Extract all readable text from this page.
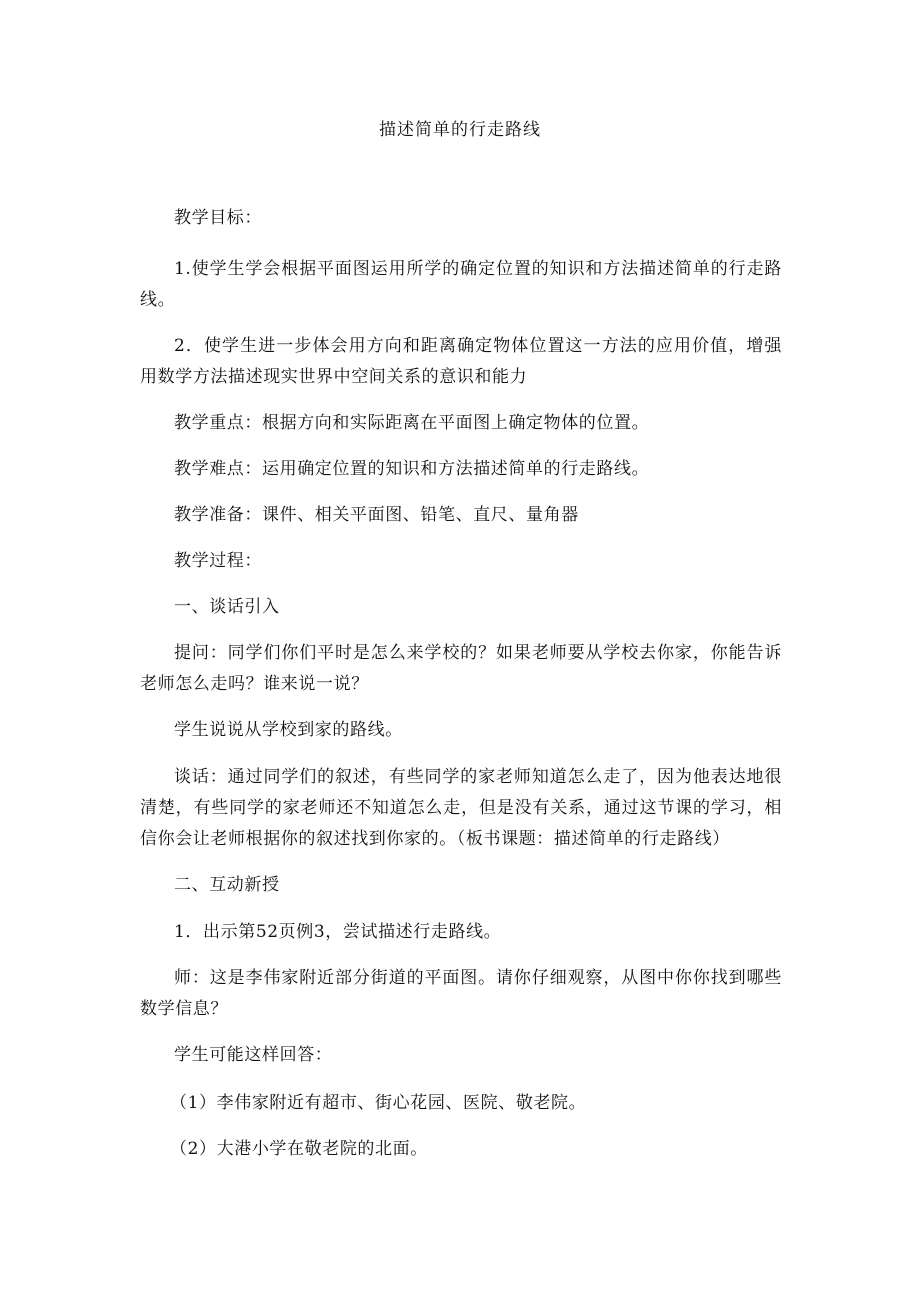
描述简单的行走路线

教学目标：

1.使学生学会根据平面图运用所学的确定位置的知识和方法描述简单的行走路线。

2．使学生进一步体会用方向和距离确定物体位置这一方法的应用价值，增强用数学方法描述现实世界中空间关系的意识和能力

教学重点：根据方向和实际距离在平面图上确定物体的位置。

教学难点：运用确定位置的知识和方法描述简单的行走路线。

教学准备：课件、相关平面图、铅笔、直尺、量角器

教学过程：

一、谈话引入

提问：同学们你们平时是怎么来学校的？如果老师要从学校去你家，你能告诉老师怎么走吗？谁来说一说？

学生说说从学校到家的路线。

谈话：通过同学们的叙述，有些同学的家老师知道怎么走了，因为他表达地很清楚，有些同学的家老师还不知道怎么走，但是没有关系，通过这节课的学习，相信你会让老师根据你的叙述找到你家的。（板书课题：描述简单的行走路线）

二、互动新授

1．出示第52页例3，尝试描述行走路线。

师：这是李伟家附近部分街道的平面图。请你仔细观察，从图中你你找到哪些数学信息？

学生可能这样回答：

（1）李伟家附近有超市、街心花园、医院、敬老院。

（2）大港小学在敬老院的北面。
